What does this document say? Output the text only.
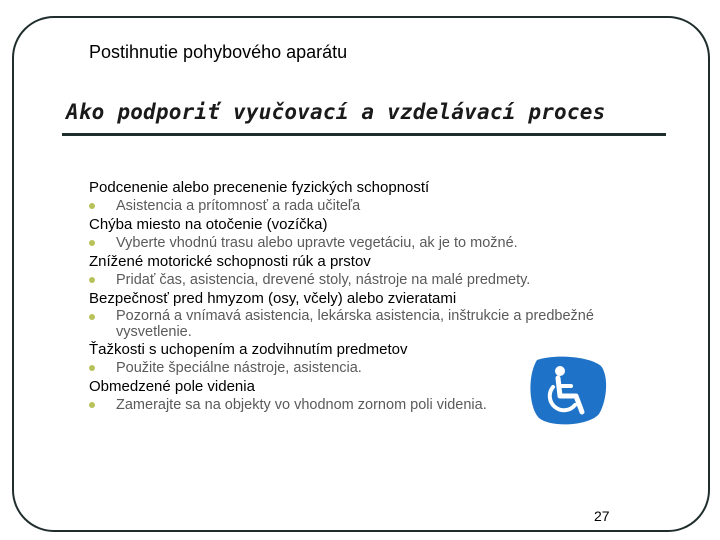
Postihnutie pohybového aparátu
Ako podporiť vyučovací a vzdelávací proces

Podcenenie alebo precenenie fyzických schopností

Asistencia a prítomnosť a rada učiteľa

Chýba miesto na otočenie (vozíčka)

Vyberte vhodnú trasu alebo upravte vegetáciu, ak je to možné.

Znížené motorické schopnosti rúk a prstov

Pridať čas, asistencia, drevené stoly, nástroje na malé predmety.

Bezpečnosť pred hmyzom (osy, včely) alebo zvieratami

Pozorná a vnímavá asistencia, lekárska asistencia, inštrukcie a predbežné vysvetlenie.

Ťažkosti s uchopením a zodvihnutím predmetov

Použite špeciálne nástroje, asistencia.

Obmedzené pole videnia

Zamerajte sa na objekty vo vhodnom zornom poli videnia.

27
